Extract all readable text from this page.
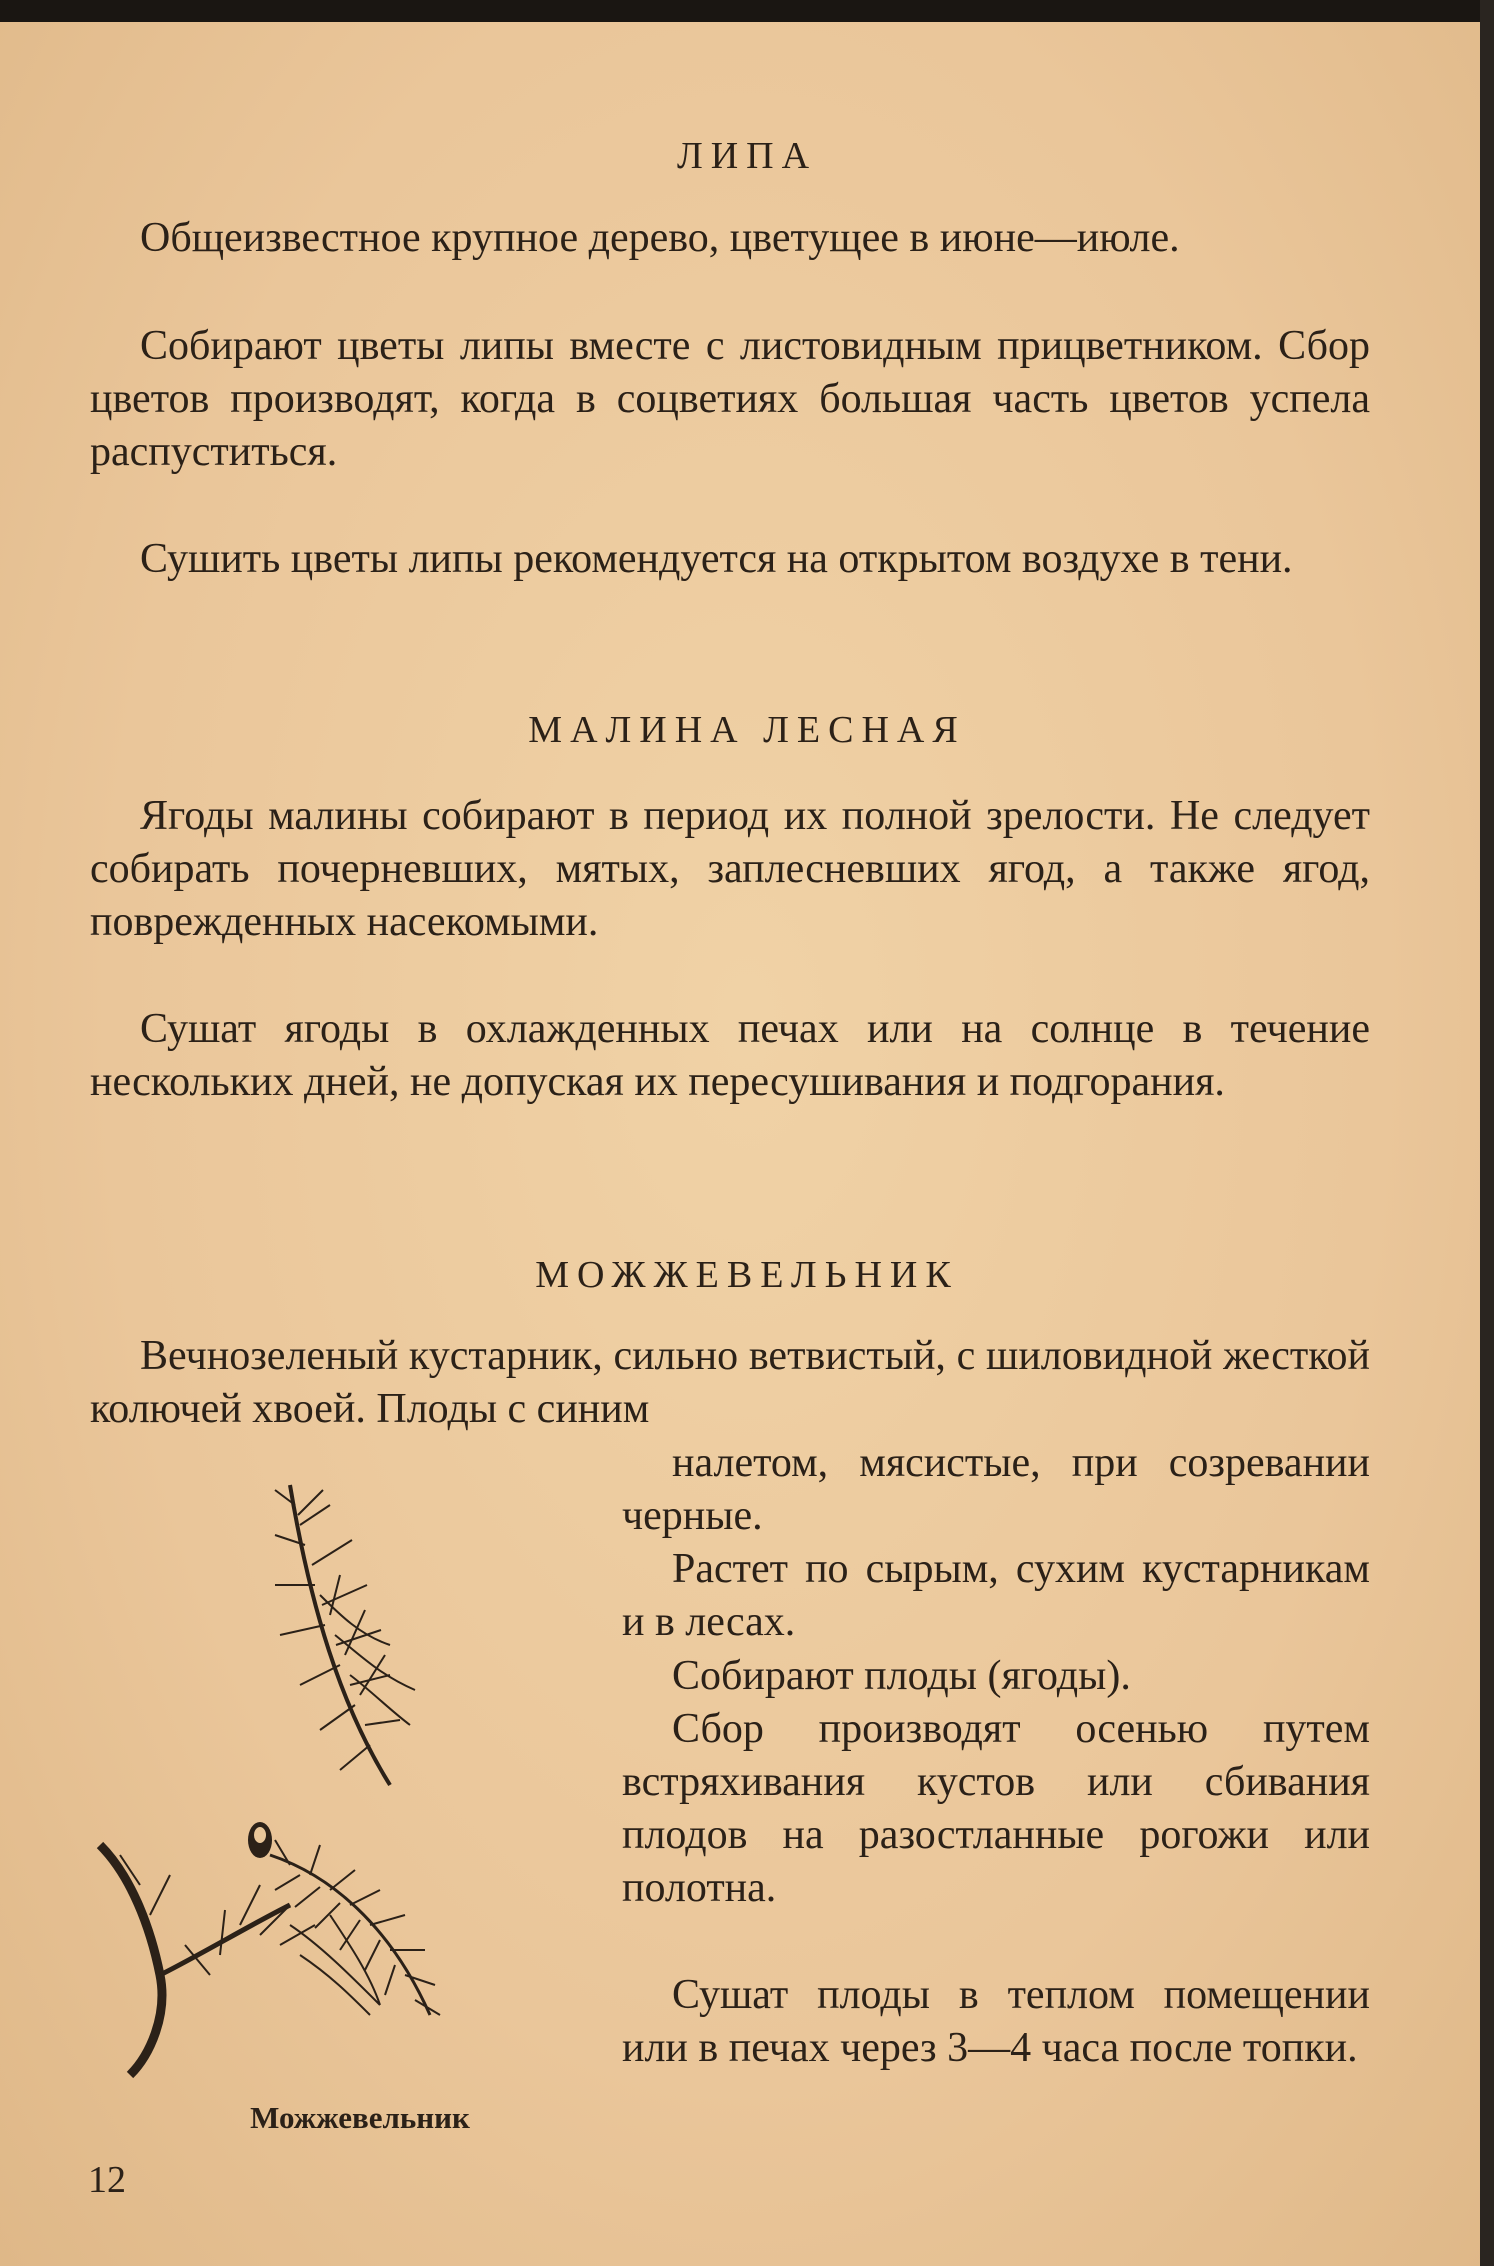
ЛИПА
Общеизвестное крупное дерево, цветущее в июне—июле.
Собирают цветы липы вместе с листовидным прицветником. Сбор цветов производят, когда в соцветиях большая часть цветов успела распуститься.
Сушить цветы липы рекомендуется на открытом воздухе в тени.
МАЛИНА ЛЕСНАЯ
Ягоды малины собирают в период их полной зрелости. Не следует собирать почерневших, мятых, заплесневших ягод, а также ягод, поврежденных насекомыми.
Сушат ягоды в охлажденных печах или на солнце в течение нескольких дней, не допуская их пересушивания и подгорания.
МОЖЖЕВЕЛЬНИК
Вечнозеленый кустарник, сильно ветвистый, с шиловидной жесткой колючей хвоей. Плоды с синим
налетом, мясистые, при созревании черные.
Растет по сырым, сухим кустарникам и в лесах.
Собирают плоды (ягоды).
Сбор производят осенью путем встряхивания кустов или сбивания плодов на разостланные рогожи или полотна.
Сушат плоды в теплом помещении или в печах через 3—4 часа после топки.
Можжевельник
12
